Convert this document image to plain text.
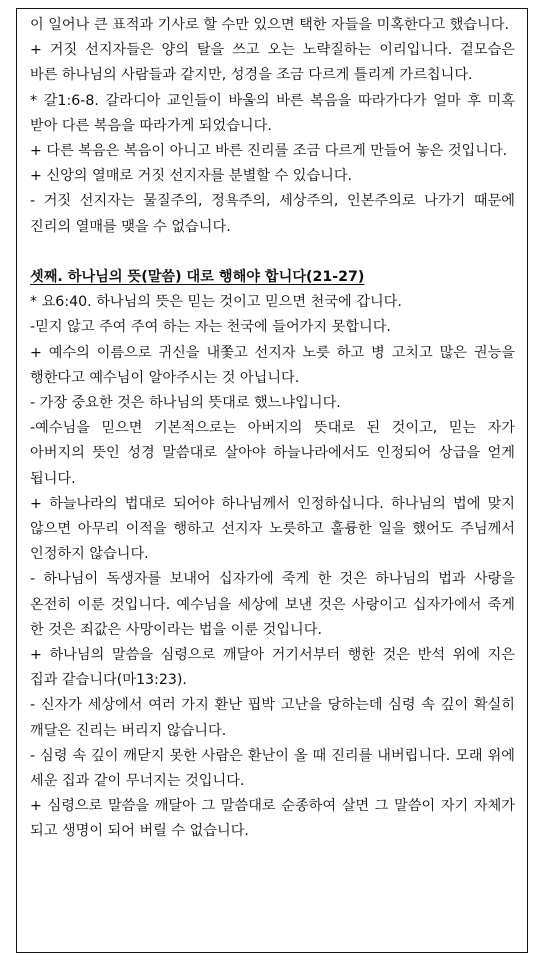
이 일어나 큰 표적과 기사로 할 수만 있으면 택한 자들을 미혹한다고 했습니다.

+ 거짓 선지자들은 양의 탈을 쓰고 오는 노략질하는 이리입니다. 겉모습은 바른 하나님의 사람들과 같지만, 성경을 조금 다르게 틀리게 가르칩니다.

* 갈1:6-8. 갈라디아 교인들이 바울의 바른 복음을 따라가다가 얼마 후 미혹 받아 다른 복음을 따라가게 되었습니다.

+ 다른 복음은 복음이 아니고 바른 진리를 조금 다르게 만들어 놓은 것입니다.

+ 신앙의 열매로 거짓 선지자를 분별할 수 있습니다.

- 거짓 선지자는 물질주의, 정욕주의, 세상주의, 인본주의로 나가기 때문에 진리의 열매를 맺을 수 없습니다.

셋째. 하나님의 뜻(말씀) 대로 행해야 합니다(21-27)

* 요6:40. 하나님의 뜻은 믿는 것이고 믿으면 천국에 갑니다.

-믿지 않고 주여 주여 하는 자는 천국에 들어가지 못합니다.

+ 예수의 이름으로 귀신을 내쫓고 선지자 노릇 하고 병 고치고 많은 권능을 행한다고 예수님이 알아주시는 것 아닙니다.

- 가장 중요한 것은 하나님의 뜻대로 했느냐입니다.

-예수님을 믿으면 기본적으로는 아버지의 뜻대로 된 것이고, 믿는 자가 아버지의 뜻인 성경 말씀대로 살아야 하늘나라에서도 인정되어 상급을 얻게 됩니다.

+ 하늘나라의 법대로 되어야 하나님께서 인정하십니다. 하나님의 법에 맞지 않으면 아무리 이적을 행하고 선지자 노릇하고 훌륭한 일을 했어도 주님께서 인정하지 않습니다.

- 하나님이 독생자를 보내어 십자가에 죽게 한 것은 하나님의 법과 사랑을 온전히 이룬 것입니다. 예수님을 세상에 보낸 것은 사랑이고 십자가에서 죽게 한 것은 죄값은 사망이라는 법을 이룬 것입니다.

+ 하나님의 말씀을 심령으로 깨달아 거기서부터 행한 것은 반석 위에 지은 집과 같습니다(마13:23).

- 신자가 세상에서 여러 가지 환난 핍박 고난을 당하는데 심령 속 깊이 확실히 깨달은 진리는 버리지 않습니다.

- 심령 속 깊이 깨닫지 못한 사람은 환난이 올 때 진리를 내버립니다. 모래 위에 세운 집과 같이 무너지는 것입니다.

+ 심령으로 말씀을 깨달아 그 말씀대로 순종하여 살면 그 말씀이 자기 자체가 되고 생명이 되어 버릴 수 없습니다.
